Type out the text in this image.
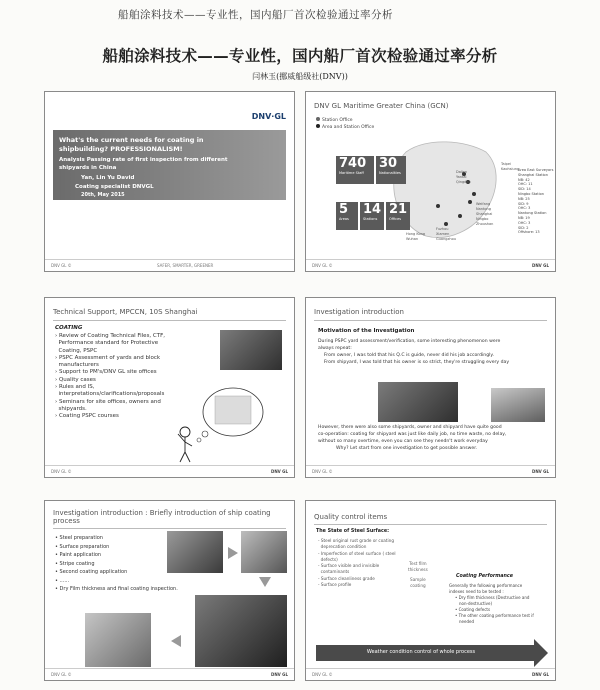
船舶涂料技术——专业性，国内船厂首次检验通过率分析
船舶涂料技术——专业性，国内船厂首次检验通过率分析
闫林玉(挪威船级社(DNV))
DNV·GL
What's the current needs for coating in
shipbuilding? PROFESSIONALISM!
Analysis Passing rate of first inspection from different
shipyards in China
Yan, Lin Yu David
Coating specialist DNVGL
20th, May 2015
DNV GL ©	SAFER, SMARTER, GREENER
DNV GL Maritime Greater China (GCN)
Station Office
Area and Station Office
Dalian
Yantai
Qingdao
Weifang
Nantong
Shanghai
Ningbo
Zhoushan
Fuzhou
Xiamen
Guangzhou
Hong Kong
Wuhan
Taipei
Kaohsiung
740
Maritime Staff
30
Nationalities
5
Areas
14
Stations
21
Offices
Area East Surveyors
Shanghai Station
NB: 42
OHC: 11
SID: 14
Ningbo Station
NB: 25
SID: 9
OHC: 3
Nantong Station
NB: 19
OHC: 3
SID: 2
Offshore: 13
DNV GL ©	DNV GL
Technical Support, MPCCN, 10S Shanghai
COATING
› Review of Coating Technical Files, CTF,
Performance standard for Protective
Coating, PSPC
› PSPC Assessment of yards and block
manufacturers
› Support to PM's/DNV GL site offices
› Quality cases
› Rules and IS,
interpretations/clarifications/proposals
› Seminars for site offices, owners and
shipyards.
› Coating PSPC courses
DNV GL ©	DNV GL
Investigation introduction
Motivation of the Investigation
During PSPC yard assessment/verification, some interesting phenomenon were
always repeat:
From owner, I was told that his Q.C is guide, never did his job accordingly.
From shipyard, I was told that his owner is so strict, they're struggling every day
However, there were also some shipyards, owner and shipyard have quite good
co-operation: coating for shipyard was just like daily job, no time waste, no delay,
without so many overtime, even you can see they needn't work everyday
Why? Let start from one investigation to get possible answer.
DNV GL ©	DNV GL
Investigation introduction : Briefly introduction of ship coating
process
• Steel preparation
• Surface preparation
• Paint application
• Stripe coating
• Second coating application
• ......
• Dry Film thickness and final coating inspection.
DNV GL ©	DNV GL
Quality control items
The State of Steel Surface:
- Steel original rust grade or coating
deprecation condition
- Imperfection of steel surface ( steel
defects)
- Surface visible and invisible
contaminants
- Surface cleanliness grade
- Surface profile
Test film
thickness
Sample
coating
Coating Performance
Generally the following performance
indexes need to be tested :
• Dry film thickness (Destructive and
non-destructive)
• Coating defects
• The other coating performance test if
needed
Weather condition control of whole process
DNV GL ©	DNV GL
